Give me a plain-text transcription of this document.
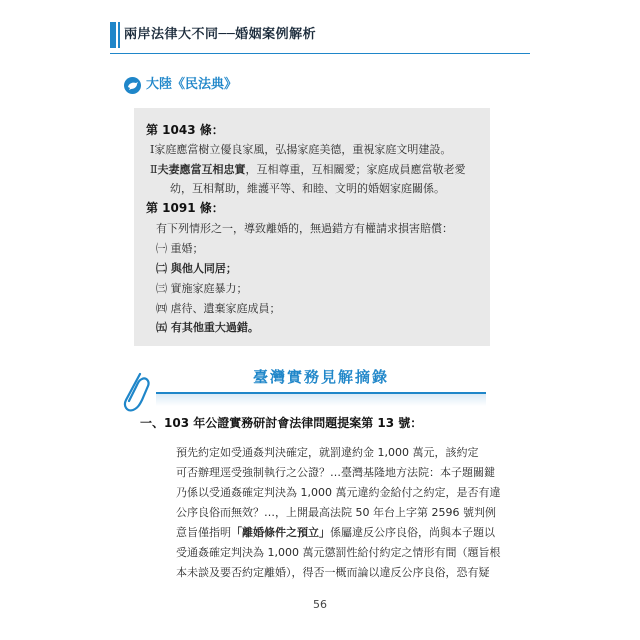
兩岸法律大不同──婚姻案例解析
大陸《民法典》
第 1043 條：
Ⅰ家庭應當樹立優良家風，弘揚家庭美德，重視家庭文明建設。
Ⅱ夫妻應當互相忠實，互相尊重，互相關愛；家庭成員應當敬老愛
幼，互相幫助，維護平等、和睦、文明的婚姻家庭關係。
第 1091 條：
有下列情形之一，導致離婚的，無過錯方有權請求損害賠償：
㈠ 重婚；
㈡ 與他人同居；
㈢ 實施家庭暴力；
㈣ 虐待、遺棄家庭成員；
㈤ 有其他重大過錯。
臺灣實務見解摘錄
一、103 年公證實務研討會法律問題提案第 13 號：
預先約定如受通姦判決確定，就罰違約金 1,000 萬元，該約定
可否辦理逕受強制執行之公證？…臺灣基隆地方法院：本子題關鍵
乃係以受通姦確定判決為 1,000 萬元違約金給付之約定，是否有違
公序良俗而無效？…，上開最高法院 50 年台上字第 2596 號判例
意旨僅指明「離婚條件之預立」係屬違反公序良俗，尚與本子題以
受通姦確定判決為 1,000 萬元懲罰性給付約定之情形有間（題旨根
本未談及要否約定離婚），得否一概而論以違反公序良俗，恐有疑
56
